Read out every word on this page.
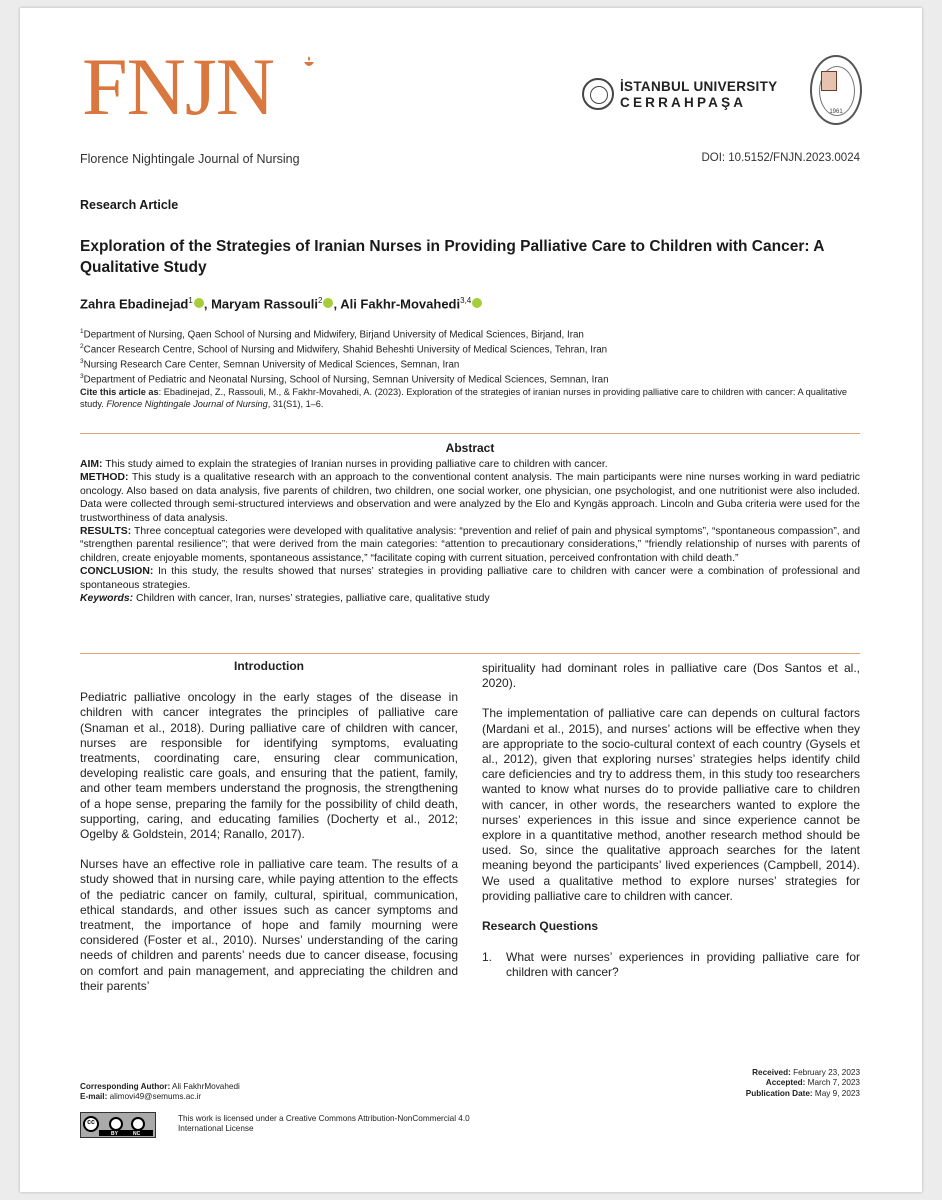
FNJN	İSTANBUL UNIVERSITY
CERRAHPAŞA
1961
Florence Nightingale Journal of Nursing	DOI: 10.5152/FNJN.2023.0024
Research Article
Exploration of the Strategies of Iranian Nurses in Providing Palliative Care to Children with Cancer: A Qualitative Study
Zahra Ebadinejad$^1$ , Maryam Rassouli$^2$ , Ali Fakhr-Movahedi$^{3,4}$
$^1$Department of Nursing, Qaen School of Nursing and Midwifery, Birjand University of Medical Sciences, Birjand, Iran
$^2$Cancer Research Centre, School of Nursing and Midwifery, Shahid Beheshti University of Medical Sciences, Tehran, Iran
$^3$Nursing Research Care Center, Semnan University of Medical Sciences, Semnan, Iran
$^3$Department of Pediatric and Neonatal Nursing, School of Nursing, Semnan University of Medical Sciences, Semnan, Iran
Cite this article as: Ebadinejad, Z., Rassouli, M., & Fakhr-Movahedi, A. (2023). Exploration of the strategies of iranian nurses in providing palliative care to children with cancer: A qualitative study. Florence Nightingale Journal of Nursing, 31(S1), 1–6.
Abstract

AIM: This study aimed to explain the strategies of Iranian nurses in providing palliative care to children with cancer.

METHOD: This study is a qualitative research with an approach to the conventional content analysis. The main participants were nine nurses working in ward pediatric oncology. Also based on data analysis, five parents of children, two children, one social worker, one physician, one psychologist, and one nutritionist were also included. Data were collected through semi-structured interviews and observation and were analyzed by the Elo and Kyngäs approach. Lincoln and Guba criteria were used for the trustworthiness of data analysis.

RESULTS: Three conceptual categories were developed with qualitative analysis: “prevention and relief of pain and physical symptoms”, “spontaneous compassion”, and “strengthen parental resilience”; that were derived from the main categories: “attention to precautionary considerations,” “friendly relationship of nurses with parents of children, create enjoyable moments, spontaneous assistance,” “facilitate coping with current situation, perceived confrontation with child death.”

CONCLUSION: In this study, the results showed that nurses’ strategies in providing palliative care to children with cancer were a combination of professional and spontaneous strategies.

Keywords: Children with cancer, Iran, nurses’ strategies, palliative care, qualitative study

Introduction

Pediatric palliative oncology in the early stages of the disease in children with cancer integrates the principles of palliative care (Snaman et al., 2018). During palliative care of children with cancer, nurses are responsible for identifying symptoms, evaluating treatments, coordinating care, ensuring clear communication, developing realistic care goals, and ensuring that the patient, family, and other team members understand the prognosis, the strengthening of a hope sense, preparing the family for the possibility of child death, supporting, caring, and educating families (Docherty et al., 2012; Ogelby & Goldstein, 2014; Ranallo, 2017).

Nurses have an effective role in palliative care team. The results of a study showed that in nursing care, while paying attention to the effects of the pediatric cancer on family, cultural, spiritual, communication, ethical standards, and other issues such as cancer symptoms and treatment, the importance of hope and family mourning were considered (Foster et al., 2010). Nurses’ understanding of the caring needs of children and parents’ needs due to cancer disease, focusing on comfort and pain management, and appreciating the children and their parents’

spirituality had dominant roles in palliative care (Dos Santos et al., 2020).

The implementation of palliative care can depends on cultural factors (Mardani et al., 2015), and nurses’ actions will be effective when they are appropriate to the socio-cultural context of each country (Gysels et al., 2012), given that exploring nurses’ strategies helps identify child care deficiencies and try to address them, in this study too researchers wanted to know what nurses do to provide palliative care to children with cancer, in other words, the researchers wanted to explore the nurses’ experiences in this issue and since experience cannot be explore in a quantitative method, another research method should be used. So, since the qualitative approach searches for the latent meaning beyond the participants’ lived experiences (Campbell, 2014). We used a qualitative method to explore nurses’ strategies for providing palliative care to children with cancer.

Research Questions

1.	What were nurses’ experiences in providing palliative care for children with cancer?
Corresponding Author: Ali FakhrMovahedi
E-mail: alimovi49@semums.ac.ir
Received: February 23, 2023
Accepted: March 7, 2023
Publication Date: May 9, 2023
cc
BY	NC
This work is licensed under a Creative Commons Attribution-NonCommercial 4.0
International License
